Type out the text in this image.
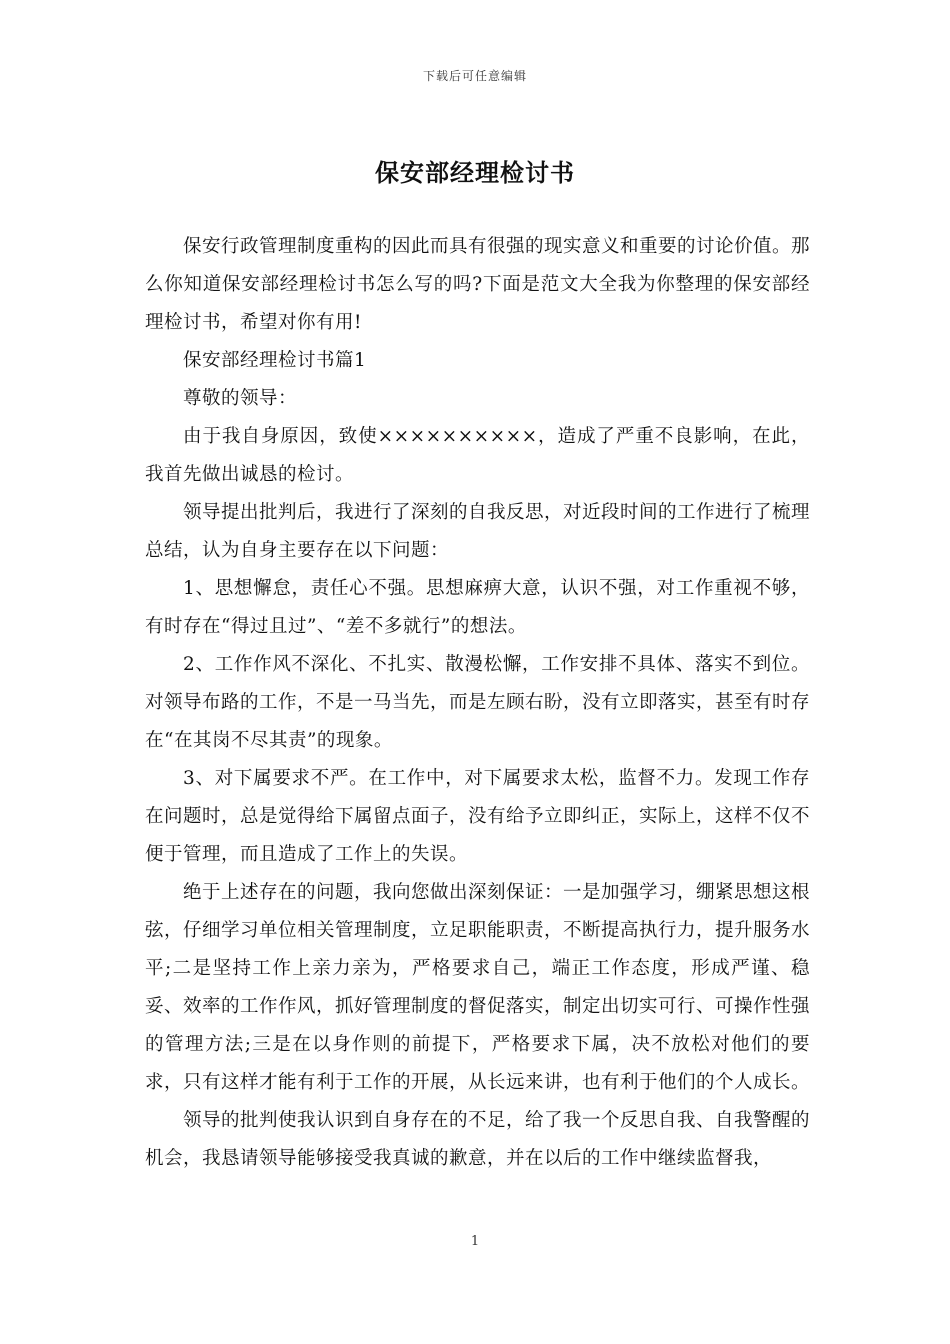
下载后可任意编辑
保安部经理检讨书

保安行政管理制度重构的因此而具有很强的现实意义和重要的讨论价值。那么你知道保安部经理检讨书怎么写的吗?下面是范文大全我为你整理的保安部经理检讨书，希望对你有用!

保安部经理检讨书篇1

尊敬的领导：

由于我自身原因，致使××××××××××，造成了严重不良影响，在此，我首先做出诚恳的检讨。

领导提出批判后，我进行了深刻的自我反思，对近段时间的工作进行了梳理总结，认为自身主要存在以下问题：

1、思想懈怠，责任心不强。思想麻痹大意，认识不强，对工作重视不够，有时存在“得过且过”、“差不多就行”的想法。

2、工作作风不深化、不扎实、散漫松懈，工作安排不具体、落实不到位。对领导布路的工作，不是一马当先，而是左顾右盼，没有立即落实，甚至有时存在“在其岗不尽其责”的现象。

3、对下属要求不严。在工作中，对下属要求太松，监督不力。发现工作存在问题时，总是觉得给下属留点面子，没有给予立即纠正，实际上，这样不仅不便于管理，而且造成了工作上的失误。

绝于上述存在的问题，我向您做出深刻保证：一是加强学习，绷紧思想这根弦，仔细学习单位相关管理制度，立足职能职责，不断提高执行力，提升服务水平;二是坚持工作上亲力亲为，严格要求自己，端正工作态度，形成严谨、稳妥、效率的工作作风，抓好管理制度的督促落实，制定出切实可行、可操作性强的管理方法;三是在以身作则的前提下，严格要求下属，决不放松对他们的要求，只有这样才能有利于工作的开展，从长远来讲，也有利于他们的个人成长。

领导的批判使我认识到自身存在的不足，给了我一个反思自我、自我警醒的机会，我恳请领导能够接受我真诚的歉意，并在以后的工作中继续监督我，

1
